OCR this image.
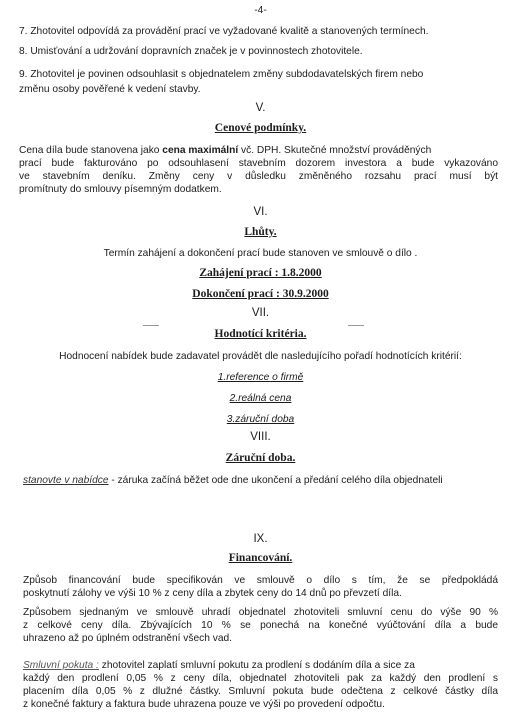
-4-
7. Zhotovitel odpovídá za provádění prací ve vyžadované kvalitě a stanovených termínech.
8. Umisťování a udržování dopravních značek je v povinnostech zhotovitele.
9. Zhotovitel je povinen odsouhlasit s objednatelem změny subdodavatelských firem nebo
změnu osoby pověřené k vedení stavby.
V.
Cenové podmínky.
Cena díla bude stanovena jako cena maximální vč. DPH. Skutečné množství prováděných
prací bude fakturováno po odsouhlasení stavebním dozorem investora a bude vykazováno
ve stavebním deníku. Změny ceny v důsledku změněného rozsahu prací musí být
promítnuty do smlouvy písemným dodatkem.
VI.
Lhůty.
Termín zahájení a dokončení prací bude stanoven ve smlouvě o dílo .
Zahájení prací : 1.8.2000
Dokončení prací : 30.9.2000
VII.
Hodnotící kritéria.
Hodnocení nabídek bude zadavatel provádět dle nasledujícího pořadí hodnotících kritérií:
1.reference o firmě
2.reálná cena
3.záruční doba
VIII.
Záruční doba.
stanovte v nabídce - záruka začíná běžet ode dne ukončení a předání celého díla objednateli
IX.
Financování.
Způsob financování bude specifikován ve smlouvě o dílo s tím, že se předpokládá
poskytnutí zálohy ve výši 10 % z ceny díla a zbytek ceny do 14 dnů po převzetí díla.
Způsobem sjednaným ve smlouvě uhradí objednatel zhotoviteli smluvní cenu do výše 90 %
z celkové ceny díla. Zbývajících 10 % se ponechá na konečné vyúčtování díla a bude
uhrazeno až po úplném odstranění všech vad.
Smluvní pokuta : zhotovitel zaplatí smluvní pokutu za prodlení s dodáním díla a sice za
každý den prodlení 0,05 % z ceny díla, objednatel zhotoviteli pak za každý den prodlení s
placením díla 0,05 % z dlužné částky. Smluvní pokuta bude odečtena z celkové částky díla
z konečné faktury a faktura bude uhrazena pouze ve výši po provedení odpočtu.
